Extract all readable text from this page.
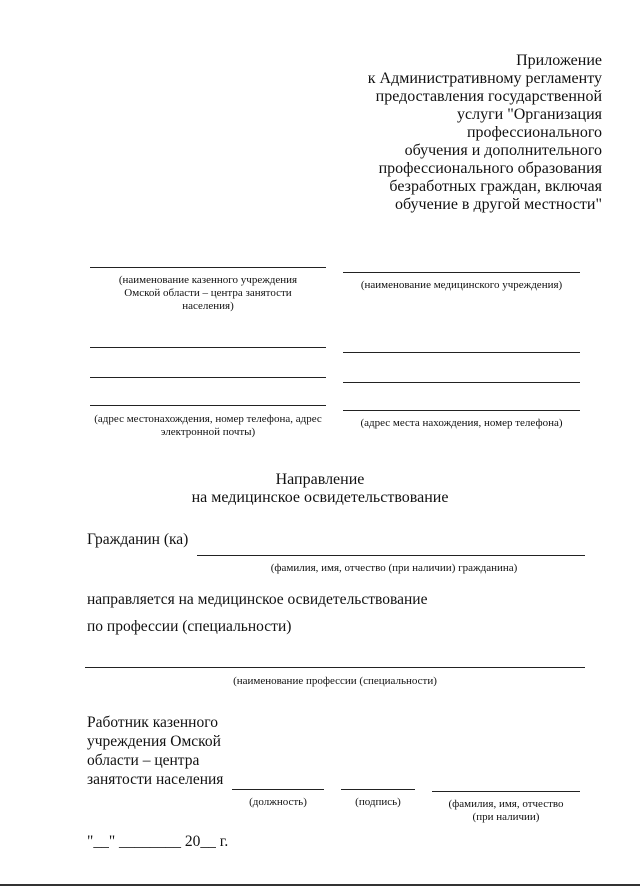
Приложение
к Административному регламенту
предоставления государственной
услуги "Организация
профессионального
обучения и дополнительного
профессионального образования
безработных граждан, включая
обучение в другой местности"
(наименование казенного учреждения Омской области – центра занятости населения)
(адрес местонахождения, номер телефона, адрес электронной почты)
(наименование медицинского учреждения)
(адрес места нахождения, номер телефона)
Направление
на медицинское освидетельствование
Гражданин (ка)
(фамилия, имя, отчество (при наличии) гражданина)
направляется на медицинское освидетельствование
по профессии (специальности)
(наименование профессии (специальности)
Работник казенного
учреждения Омской
области – центра
занятости населения
(должность)	(подпись)	(фамилия, имя, отчество
(при наличии)
"__" ________ 20__ г.
